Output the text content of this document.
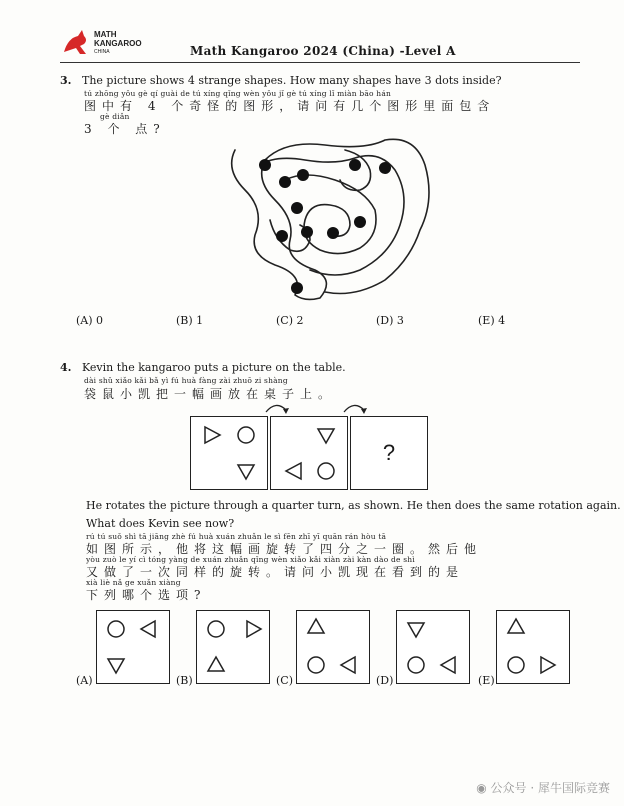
MATH
KANGAROO
CHINA	Math Kangaroo 2024 (China) -Level A
3. The picture shows 4 strange shapes. How many shapes have 3 dots inside?
tú zhōng yǒu gè qí guài de tú xíng qǐng wèn yǒu jǐ gè tú xíng lǐ miàn bāo hán
图中有 4 个奇怪的图形，请问有几个图形里面包含
gè diǎn
3 个 点?
(A) 0	(B) 1	(C) 2	(D) 3	(E) 4
4. Kevin the kangaroo puts a picture on the table.
dài shǔ xiǎo kǎi bǎ yì fú huà fàng zài zhuō zi shàng
袋鼠小凯把一幅画放在桌子上。
?
He rotates the picture through a quarter turn, as shown. He then does the same rotation again.
What does Kevin see now?
rú tú suǒ shì tā jiāng zhè fú huà xuán zhuǎn le sì fēn zhī yī quān rán hòu tā
如图所示，他将这幅画旋转了四分之一圈。然后他
yòu zuò le yí cì tóng yàng de xuán zhuǎn qǐng wèn xiǎo kǎi xiàn zài kàn dào de shì
又做了一次同样的旋转。请问小凯现在看到的是
xià liè nǎ ge xuǎn xiàng
下列哪个选项?
(A)	(B)	(C)	(D)	(E)
◉ 公众号 · 犀牛国际竞赛
